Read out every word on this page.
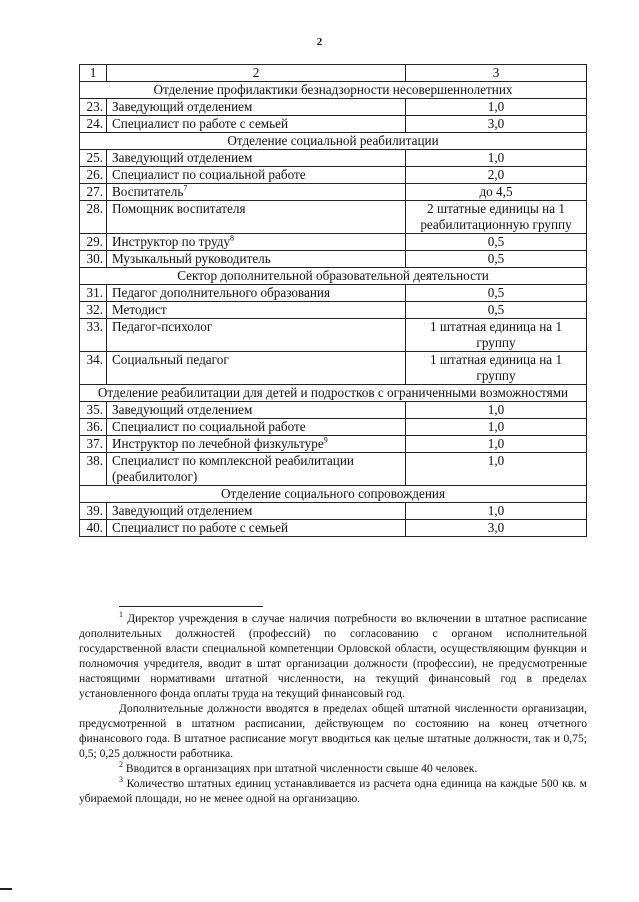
2
1	2	3
Отделение профилактики безнадзорности несовершеннолетних		
23.	Заведующий отделением	1,0
24.	Специалист по работе с семьей	3,0
Отделение социальной реабилитации		
25.	Заведующий отделением	1,0
26.	Специалист по социальной работе	2,0
27.	Воспитатель$^7$	до 4,5
28.	Помощник воспитателя	2 штатные единицы на 1 реабилитационную группу
29.	Инструктор по труду$^8$	0,5
30.	Музыкальный руководитель	0,5
Сектор дополнительной образовательной деятельности		
31.	Педагог дополнительного образования	0,5
32.	Методист	0,5
33.	Педагог-психолог	1 штатная единица на 1 группу
34.	Социальный педагог	1 штатная единица на 1 группу
Отделение реабилитации для детей и подростков с ограниченными возможностями		
35.	Заведующий отделением	1,0
36.	Специалист по социальной работе	1,0
37.	Инструктор по лечебной физкультуре$^9$	1,0
38.	Специалист по комплексной реабилитации (реабилитолог)	1,0
Отделение социального сопровождения		
39.	Заведующий отделением	1,0
40.	Специалист по работе с семьей	3,0

$^1$ Директор учреждения в случае наличия потребности во включении в штатное расписание дополнительных должностей (профессий) по согласованию с органом исполнительной государственной власти специальной компетенции Орловской области, осуществляющим функции и полномочия учредителя, вводит в штат организации должности (профессии), не предусмотренные настоящими нормативами штатной численности, на текущий финансовый год в пределах установленного фонда оплаты труда на текущий финансовый год.

Дополнительные должности вводятся в пределах общей штатной численности организации, предусмотренной в штатном расписании, действующем по состоянию на конец отчетного финансового года. В штатное расписание могут вводиться как целые штатные должности, так и 0,75; 0,5; 0,25 должности работника.

$^2$ Вводится в организациях при штатной численности свыше 40 человек.

$^3$ Количество штатных единиц устанавливается из расчета одна единица на каждые 500 кв. м убираемой площади, но не менее одной на организацию.
